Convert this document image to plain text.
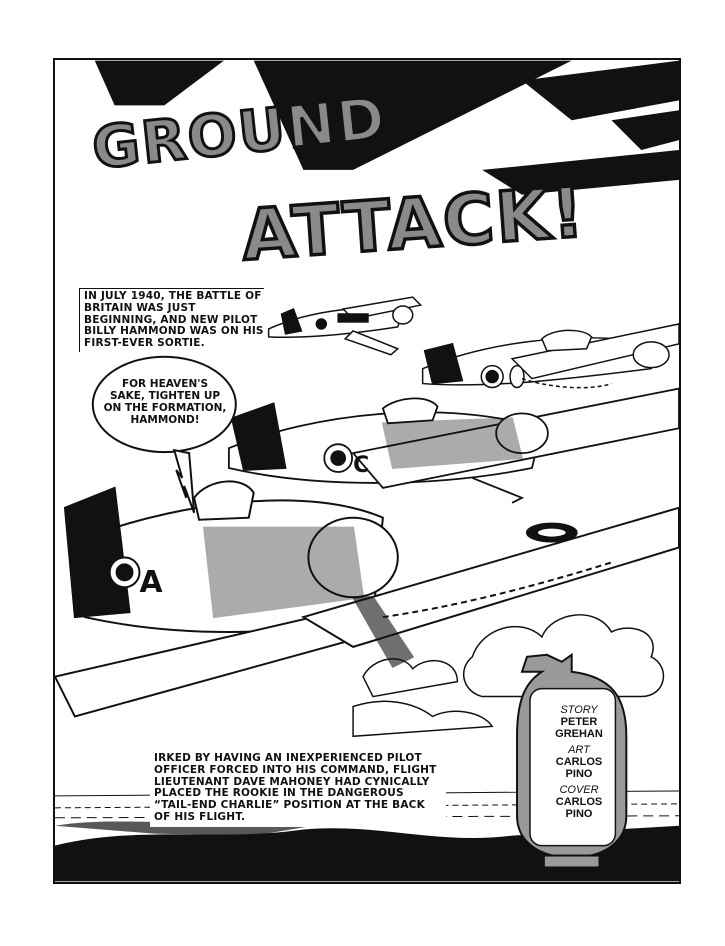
C
A
GROUND
ATTACK!
IN JULY 1940, THE BATTLE OF BRITAIN WAS JUST BEGINNING, AND NEW PILOT BILLY HAMMOND WAS ON HIS FIRST-EVER SORTIE.
FOR HEAVEN'S SAKE, TIGHTEN UP ON THE FORMATION, HAMMOND!
IRKED BY HAVING AN INEXPERIENCED PILOT OFFICER FORCED INTO HIS COMMAND, FLIGHT LIEUTENANT DAVE MAHONEY HAD CYNICALLY PLACED THE ROOKIE IN THE DANGEROUS “TAIL-END CHARLIE” POSITION AT THE BACK OF HIS FLIGHT.
STORY
PETER
GREHAN
ART
CARLOS
PINO
COVER
CARLOS
PINO
